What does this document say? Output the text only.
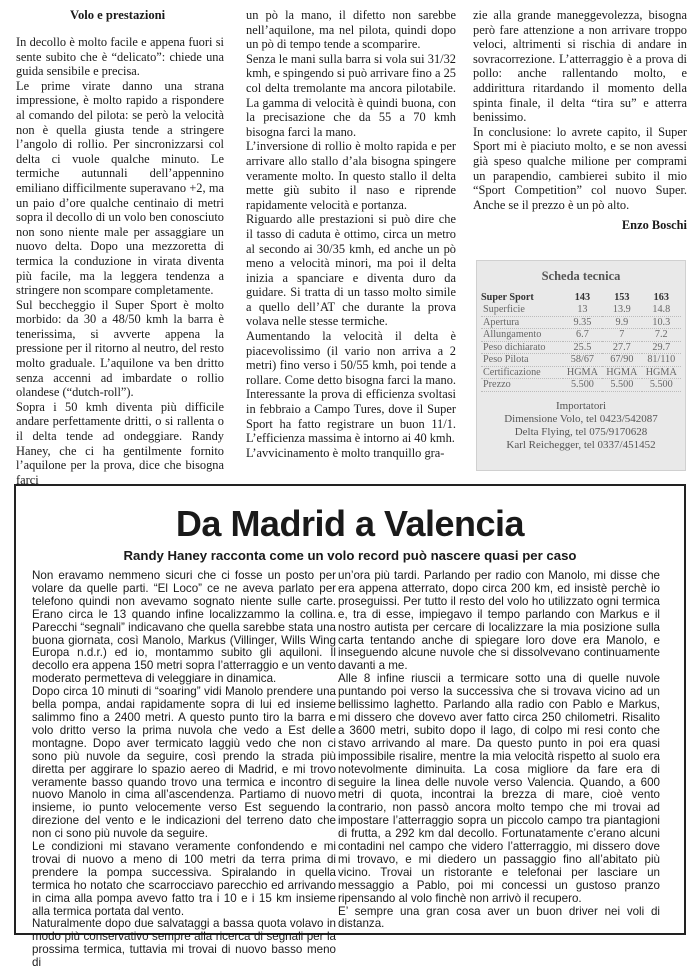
Volo e prestazioni

In decollo è molto facile e appena fuori si sente subito che è “delicato”: chiede una guida sensibile e precisa.

Le prime virate danno una strana impressione, è molto rapido a rispondere al comando del pilota: se però la velocità non è quella giusta tende a stringere l’angolo di rollio. Per sincronizzarsi col delta ci vuole qualche minuto. Le termiche autunnali dell’appennino emiliano difficilmente superavano +2, ma un paio d’ore qualche centinaio di metri sopra il decollo di un volo ben conosciuto non sono niente male per assaggiare un nuovo delta. Dopo una mezzoretta di termica la conduzione in virata diventa più facile, ma la leggera tendenza a stringere non scompare completamente.

Sul beccheggio il Super Sport è molto morbido: da 30 a 48/50 kmh la barra è tenerissima, si avverte appena la pressione per il ritorno al neutro, del resto molto graduale. L’aquilone va ben dritto senza accenni ad imbardate o rollio olandese (“dutch-roll”).

Sopra i 50 kmh diventa più difficile andare perfettamente dritti, o si rallenta o il delta tende ad ondeggiare. Randy Haney, che ci ha gentilmente fornito l’aquilone per la prova, dice che bisogna farci

un pò la mano, il difetto non sarebbe nell’aquilone, ma nel pilota, quindi dopo un pò di tempo tende a scomparire.

Senza le mani sulla barra si vola sui 31/32 kmh, e spingendo si può arrivare fino a 25 col delta tremolante ma ancora pilotabile. La gamma di velocità è quindi buona, con la precisazione che da 55 a 70 kmh bisogna farci la mano.

L’inversione di rollio è molto rapida e per arrivare allo stallo d’ala bisogna spingere veramente molto. In questo stallo il delta mette giù subito il naso e riprende rapidamente velocità e portanza.

Riguardo alle prestazioni si può dire che il tasso di caduta è ottimo, circa un metro al secondo ai 30/35 kmh, ed anche un pò meno a velocità minori, ma poi il delta inizia a spanciare e diventa duro da guidare. Si tratta di un tasso molto simile a quello dell’AT che durante la prova volava nelle stesse termiche.

Aumentando la velocità il delta è piacevolissimo (il vario non arriva a 2 metri) fino verso i 50/55 kmh, poi tende a rollare. Come detto bisogna farci la mano. Interessante la prova di efficienza svoltasi in febbraio a Campo Tures, dove il Super Sport ha fatto registrare un buon 11/1. L’efficienza massima è intorno ai 40 kmh.

L’avvicinamento è molto tranquillo gra-

zie alla grande maneggevolezza, bisogna però fare attenzione a non arrivare troppo veloci, altrimenti si rischia di andare in sovracorrezione. L’atterraggio è a prova di pollo: anche rallentando molto, e addirittura ritardando il momento della spinta finale, il delta “tira su” e atterra benissimo.

In conclusione: lo avrete capito, il Super Sport mi è piaciuto molto, e se non avessi già speso qualche milione per comprami un parapendio, cambierei subito il mio “Sport Competition” col nuovo Super. Anche se il prezzo è un pò alto.

Enzo Boschi

Scheda tecnica
Super Sport	143	153	163
Superficie	13	13.9	14.8
Apertura	9.35	9.9	10.3
Allungamento	6.7	7	7.2
Peso dichiarato	25.5	27.7	29.7
Peso Pilota	58/67	67/90	81/110
Certificazione	HGMA	HGMA	HGMA
Prezzo	5.500	5.500	5.500
Importatori
Dimensione Volo, tel 0423/542087
Delta Flying, tel 075/9170628
Karl Reichegger, tel 0337/451452
Da Madrid a Valencia
Randy Haney racconta come un volo record può nascere quasi per caso

Non eravamo nemmeno sicuri che ci fosse un posto per volare da quelle parti. “El Loco” ce ne aveva parlato per telefono quindi non avevamo sognato niente sulle carte. Erano circa le 13 quando infine localizzammo la collina. Parecchi “segnali” indicavano che quella sarebbe stata una buona giornata, così Manolo, Markus (Villinger, Wills Wing Europa n.d.r.) ed io, montammo subito gli aquiloni. Il decollo era appena 150 metri sopra l’atterraggio e un vento moderato permetteva di veleggiare in dinamica.

Dopo circa 10 minuti di “soaring” vidi Manolo prendere una bella pompa, andai rapidamente sopra di lui ed insieme salimmo fino a 2400 metri. A questo punto tiro la barra e volo dritto verso la prima nuvola che vedo a Est delle montagne. Dopo aver termicato laggiù vedo che non ci sono più nuvole da seguire, così prendo la strada più diretta per aggirare lo spazio aereo di Madrid, e mi trovo veramente basso quando trovo una termica e incontro di nuovo Manolo in cima all’ascendenza. Partiamo di nuovo insieme, io punto velocemente verso Est seguendo la direzione del vento e le indicazioni del terreno dato che non ci sono più nuvole da seguire.

Le condizioni mi stavano veramente confondendo e mi trovai di nuovo a meno di 100 metri da terra prima di prendere la pompa successiva. Spiralando in quella termica ho notato che scarrocciavo parecchio ed arrivando in cima alla pompa avevo fatto tra i 10 e i 15 km insieme alla termica portata dal vento.

Naturalmente dopo due salvataggi a bassa quota volavo in modo più conservativo sempre alla ricerca di segnali per la prossima termica, tuttavia mi trovai di nuovo basso meno di

un’ora più tardi. Parlando per radio con Manolo, mi disse che era appena atterrato, dopo circa 200 km, ed insistè perchè io proseguissi. Per tutto il resto del volo ho utilizzato ogni termica e, tra di esse, impiegavo il tempo parlando con Markus e il nostro autista per cercare di localizzare la mia posizione sulla carta tentando anche di spiegare loro dove era Manolo, e inseguendo alcune nuvole che si dissolvevano continuamente davanti a me.

Alle 8 infine riuscii a termicare sotto una di quelle nuvole puntando poi verso la successiva che si trovava vicino ad un bellissimo laghetto. Parlando alla radio con Pablo e Markus, mi dissero che dovevo aver fatto circa 250 chilometri. Risalito a 3600 metri, subito dopo il lago, di colpo mi resi conto che stavo arrivando al mare. Da questo punto in poi era quasi impossibile risalire, mentre la mia velocità rispetto al suolo era notevolmente diminuita. La cosa migliore da fare era di seguire la linea delle nuvole verso Valencia. Quando, a 600 metri di quota, incontrai la brezza di mare, cioè vento contrario, non passò ancora molto tempo che mi trovai ad impostare l’atterraggio sopra un piccolo campo tra piantagioni di frutta, a 292 km dal decollo. Fortunatamente c’erano alcuni contadini nel campo che videro l’atterraggio, mi dissero dove mi trovavo, e mi diedero un passaggio fino all’abitato più vicino. Trovai un ristorante e telefonai per lasciare un messaggio a Pablo, poi mi concessi un gustoso pranzo ripensando al volo finchè non arrivò il recupero.

E’ sempre una gran cosa aver un buon driver nei voli di distanza.
